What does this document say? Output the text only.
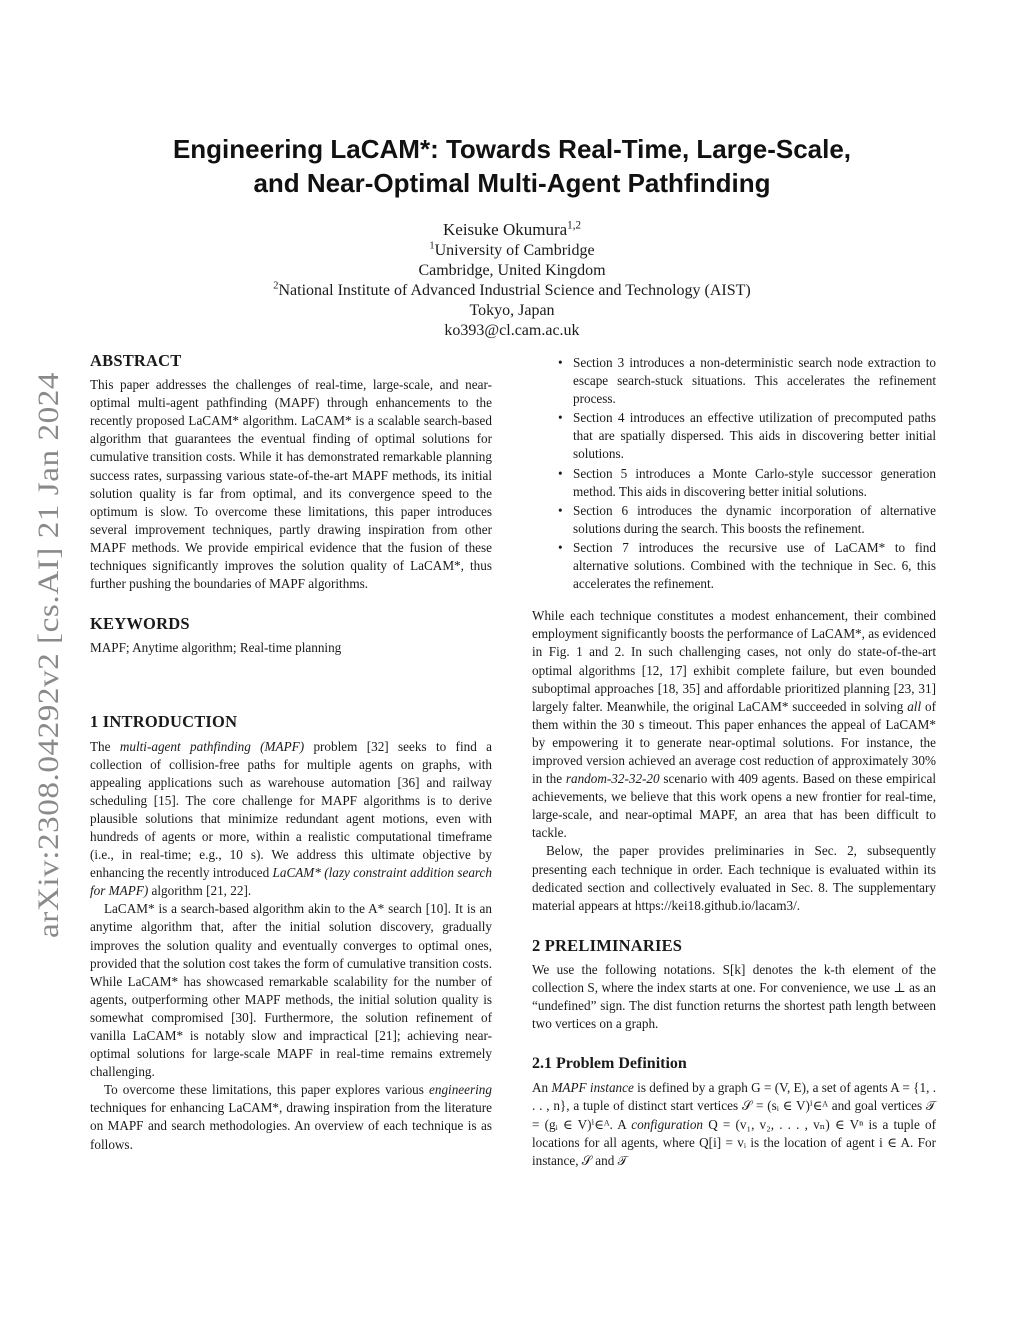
arXiv:2308.04292v2 [cs.AI] 21 Jan 2024
Engineering LaCAM*: Towards Real-Time, Large-Scale,
and Near-Optimal Multi-Agent Pathfinding
Keisuke Okumura$^{1,2}$
$^1$University of Cambridge
Cambridge, United Kingdom
$^2$National Institute of Advanced Industrial Science and Technology (AIST)
Tokyo, Japan
ko393@cl.cam.ac.uk
ABSTRACT

This paper addresses the challenges of real-time, large-scale, and near-optimal multi-agent pathfinding (MAPF) through enhancements to the recently proposed LaCAM* algorithm. LaCAM* is a scalable search-based algorithm that guarantees the eventual finding of optimal solutions for cumulative transition costs. While it has demonstrated remarkable planning success rates, surpassing various state-of-the-art MAPF methods, its initial solution quality is far from optimal, and its convergence speed to the optimum is slow. To overcome these limitations, this paper introduces several improvement techniques, partly drawing inspiration from other MAPF methods. We provide empirical evidence that the fusion of these techniques significantly improves the solution quality of LaCAM*, thus further pushing the boundaries of MAPF algorithms.

KEYWORDS

MAPF; Anytime algorithm; Real-time planning

1 INTRODUCTION

The multi-agent pathfinding (MAPF) problem [32] seeks to find a collection of collision-free paths for multiple agents on graphs, with appealing applications such as warehouse automation [36] and railway scheduling [15]. The core challenge for MAPF algorithms is to derive plausible solutions that minimize redundant agent motions, even with hundreds of agents or more, within a realistic computational timeframe (i.e., in real-time; e.g., 10 s). We address this ultimate objective by enhancing the recently introduced LaCAM* (lazy constraint addition search for MAPF) algorithm [21, 22].

LaCAM* is a search-based algorithm akin to the A* search [10]. It is an anytime algorithm that, after the initial solution discovery, gradually improves the solution quality and eventually converges to optimal ones, provided that the solution cost takes the form of cumulative transition costs. While LaCAM* has showcased remarkable scalability for the number of agents, outperforming other MAPF methods, the initial solution quality is somewhat compromised [30]. Furthermore, the solution refinement of vanilla LaCAM* is notably slow and impractical [21]; achieving near-optimal solutions for large-scale MAPF in real-time remains extremely challenging.

To overcome these limitations, this paper explores various engineering techniques for enhancing LaCAM*, drawing inspiration from the literature on MAPF and search methodologies. An overview of each technique is as follows.

• Section 3 introduces a non-deterministic search node extraction to escape search-stuck situations. This accelerates the refinement process.
• Section 4 introduces an effective utilization of precomputed paths that are spatially dispersed. This aids in discovering better initial solutions.
• Section 5 introduces a Monte Carlo-style successor generation method. This aids in discovering better initial solutions.
• Section 6 introduces the dynamic incorporation of alternative solutions during the search. This boosts the refinement.
• Section 7 introduces the recursive use of LaCAM* to find alternative solutions. Combined with the technique in Sec. 6, this accelerates the refinement.

While each technique constitutes a modest enhancement, their combined employment significantly boosts the performance of LaCAM*, as evidenced in Fig. 1 and 2. In such challenging cases, not only do state-of-the-art optimal algorithms [12, 17] exhibit complete failure, but even bounded suboptimal approaches [18, 35] and affordable prioritized planning [23, 31] largely falter. Meanwhile, the original LaCAM* succeeded in solving all of them within the 30 s timeout. This paper enhances the appeal of LaCAM* by empowering it to generate near-optimal solutions. For instance, the improved version achieved an average cost reduction of approximately 30% in the random-32-32-20 scenario with 409 agents. Based on these empirical achievements, we believe that this work opens a new frontier for real-time, large-scale, and near-optimal MAPF, an area that has been difficult to tackle.

Below, the paper provides preliminaries in Sec. 2, subsequently presenting each technique in order. Each technique is evaluated within its dedicated section and collectively evaluated in Sec. 8. The supplementary material appears at https://kei18.github.io/lacam3/.

2 PRELIMINARIES

We use the following notations. S[k] denotes the k-th element of the collection S, where the index starts at one. For convenience, we use ⊥ as an “undefined” sign. The dist function returns the shortest path length between two vertices on a graph.

2.1 Problem Definition

An MAPF instance is defined by a graph G = (V, E), a set of agents A = {1, . . . , n}, a tuple of distinct start vertices 𝒮 = (sᵢ ∈ V)ⁱ∈ᴬ and goal vertices 𝒯 = (gᵢ ∈ V)ⁱ∈ᴬ. A configuration Q = (v₁, v₂, . . . , vₙ) ∈ Vⁿ is a tuple of locations for all agents, where Q[i] = vᵢ is the location of agent i ∈ A. For instance, 𝒮 and 𝒯
